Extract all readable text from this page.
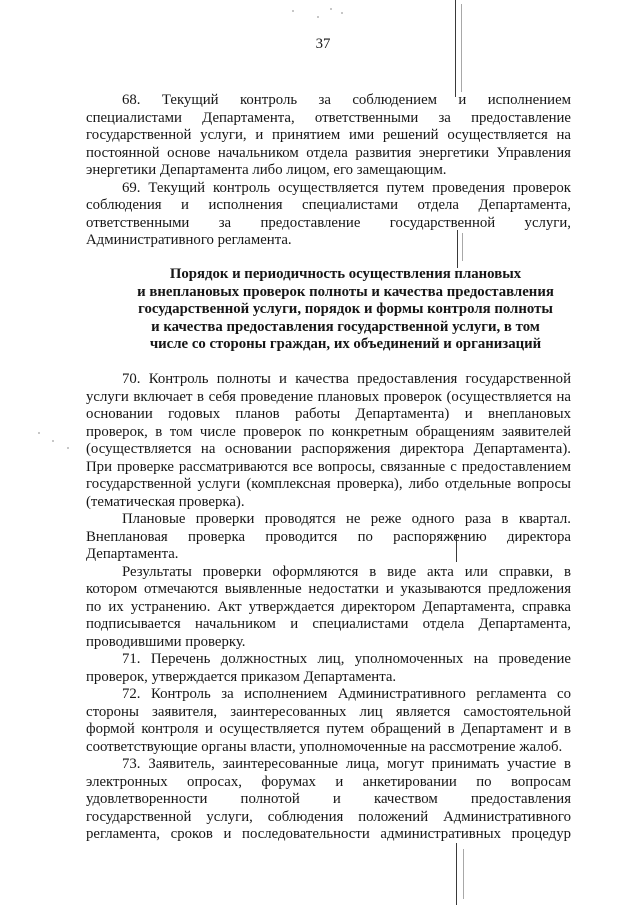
37
68. Текущий контроль за соблюдением и исполнением
специалистами Департамента, ответственными за предоставление
государственной услуги, и принятием ими решений осуществляется на
постоянной основе начальником отдела развития энергетики Управления
энергетики Департамента либо лицом, его замещающим.
69. Текущий контроль осуществляется путем проведения проверок
соблюдения и исполнения специалистами отдела Департамента,
ответственными за предоставление государственной услуги,
Административного регламента.
Порядок и периодичность осуществления плановых
и внеплановых проверок полноты и качества предоставления
государственной услуги, порядок и формы контроля полноты
и качества предоставления государственной услуги, в том
числе со стороны граждан, их объединений и организаций
70. Контроль полноты и качества предоставления государственной
услуги включает в себя проведение плановых проверок (осуществляется на
основании годовых планов работы Департамента) и внеплановых
проверок, в том числе проверок по конкретным обращениям заявителей
(осуществляется на основании распоряжения директора Департамента).
При проверке рассматриваются все вопросы, связанные с предоставлением
государственной услуги (комплексная проверка), либо отдельные вопросы
(тематическая проверка).
Плановые проверки проводятся не реже одного раза в квартал.
Внеплановая проверка проводится по распоряжению директора
Департамента.
Результаты проверки оформляются в виде акта или справки, в
котором отмечаются выявленные недостатки и указываются предложения
по их устранению. Акт утверждается директором Департамента, справка
подписывается начальником и специалистами отдела Департамента,
проводившими проверку.
71. Перечень должностных лиц, уполномоченных на проведение
проверок, утверждается приказом Департамента.
72. Контроль за исполнением Административного регламента со
стороны заявителя, заинтересованных лиц является самостоятельной
формой контроля и осуществляется путем обращений в Департамент и в
соответствующие органы власти, уполномоченные на рассмотрение жалоб.
73. Заявитель, заинтересованные лица, могут принимать участие в
электронных опросах, форумах и анкетировании по вопросам
удовлетворенности полнотой и качеством предоставления
государственной услуги, соблюдения положений Административного
регламента, сроков и последовательности административных процедур
